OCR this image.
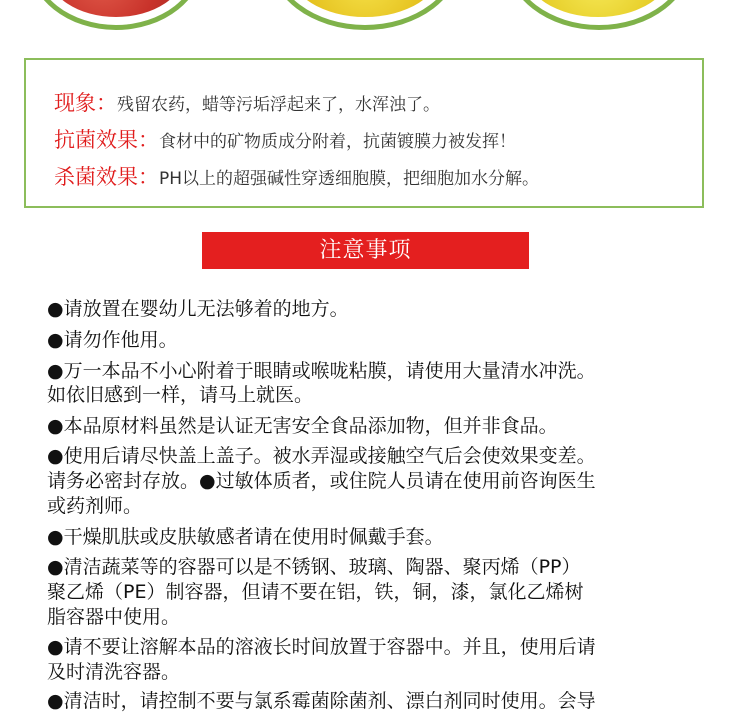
现象：残留农药，蜡等污垢浮起来了，水浑浊了。
抗菌效果：食材中的矿物质成分附着，抗菌镀膜力被发挥！
杀菌效果：PH以上的超强碱性穿透细胞膜，把细胞加水分解。
注意事项
●请放置在婴幼儿无法够着的地方。
●请勿作他用。
●万一本品不小心附着于眼睛或喉咙粘膜，请使用大量清水冲洗。
如依旧感到一样，请马上就医。
●本品原材料虽然是认证无害安全食品添加物，但并非食品。
●使用后请尽快盖上盖子。被水弄湿或接触空气后会使效果变差。
请务必密封存放。●过敏体质者，或住院人员请在使用前咨询医生
或药剂师。
●干燥肌肤或皮肤敏感者请在使用时佩戴手套。
●清洁蔬菜等的容器可以是不锈钢、玻璃、陶器、聚丙烯（PP）
聚乙烯（PE）制容器，但请不要在铝，铁，铜，漆，氯化乙烯树
脂容器中使用。
●请不要让溶解本品的溶液长时间放置于容器中。并且，使用后请
及时清洗容器。
●清洁时，请控制不要与氯系霉菌除菌剂、漂白剂同时使用。会导
